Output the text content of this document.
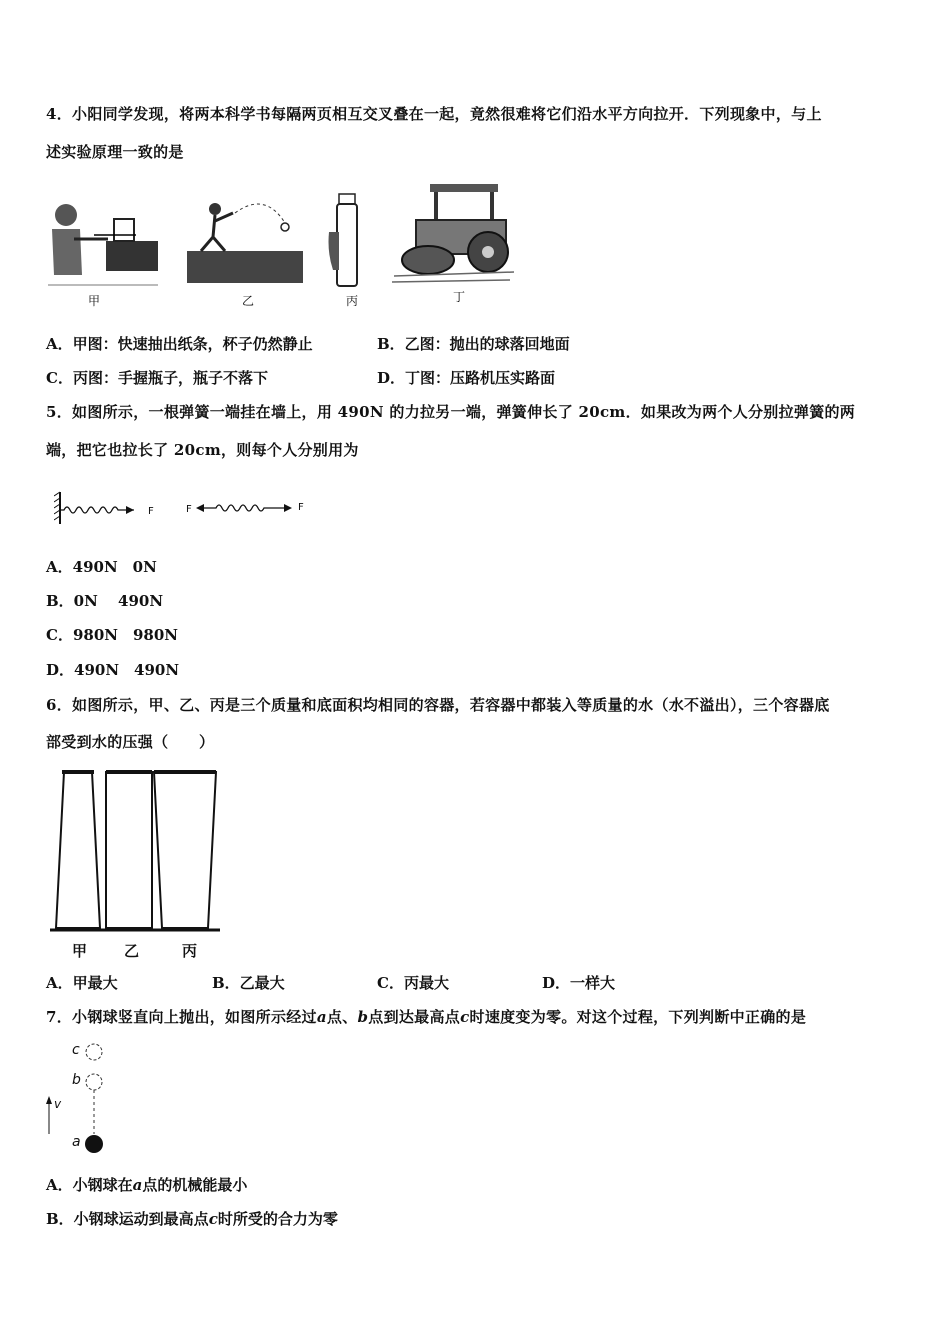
4．小阳同学发现，将两本科学书每隔两页相互交叉叠在一起，竟然很难将它们沿水平方向拉开．下列现象中，与上
述实验原理一致的是
甲	乙	丙	丁
A．甲图：快速抽出纸条，杯子仍然静止	B．乙图：抛出的球落回地面
C．丙图：手握瓶子，瓶子不落下	D．丁图：压路机压实路面
5．如图所示，一根弹簧一端挂在墙上，用 490N 的力拉另一端，弹簧伸长了 20cm．如果改为两个人分别拉弹簧的两
端，把它也拉长了 20cm，则每个人分别用为
F	F	F
A．490N　0N
B．0N　 490N
C．980N　980N
D．490N　490N
6．如图所示，甲、乙、丙是三个质量和底面积均相同的容器，若容器中都装入等质量的水（水不溢出），三个容器底
部受到水的压强（　　）
甲 乙	丙
A．甲最大	B．乙最大	C．丙最大	D．一样大
7．小钢球竖直向上抛出，如图所示经过a点、b点到达最高点c时速度变为零。对这个过程，下列判断中正确的是
c
b
v
a
A．小钢球在a点的机械能最小
B．小钢球运动到最高点c时所受的合力为零
